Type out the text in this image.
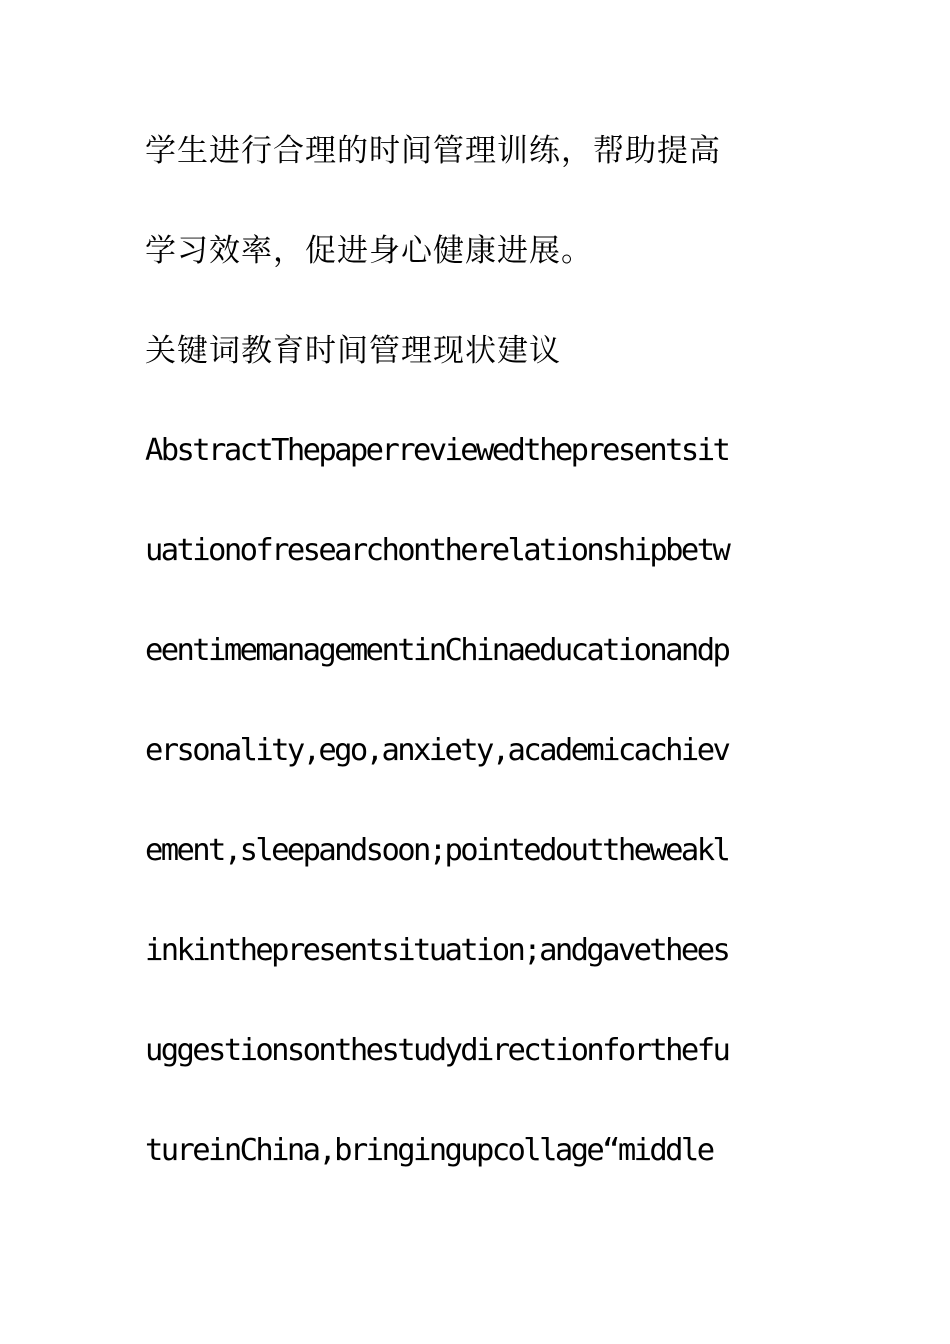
学生进行合理的时间管理训练，帮助提高
学习效率，促进身心健康进展。
关键词教育时间管理现状建议
AbstractThepaperreviewedthepresentsit
uationofresearchontherelationshipbetw
eentimemanagementinChinaeducationandp
ersonality,ego,anxiety,academicachiev
ement,sleepandsoon;pointedouttheweakl
inkinthepresentsituation;andgavethees
uggestionsonthestudydirectionforthefu
tureinChina,bringingupcollage“middle
